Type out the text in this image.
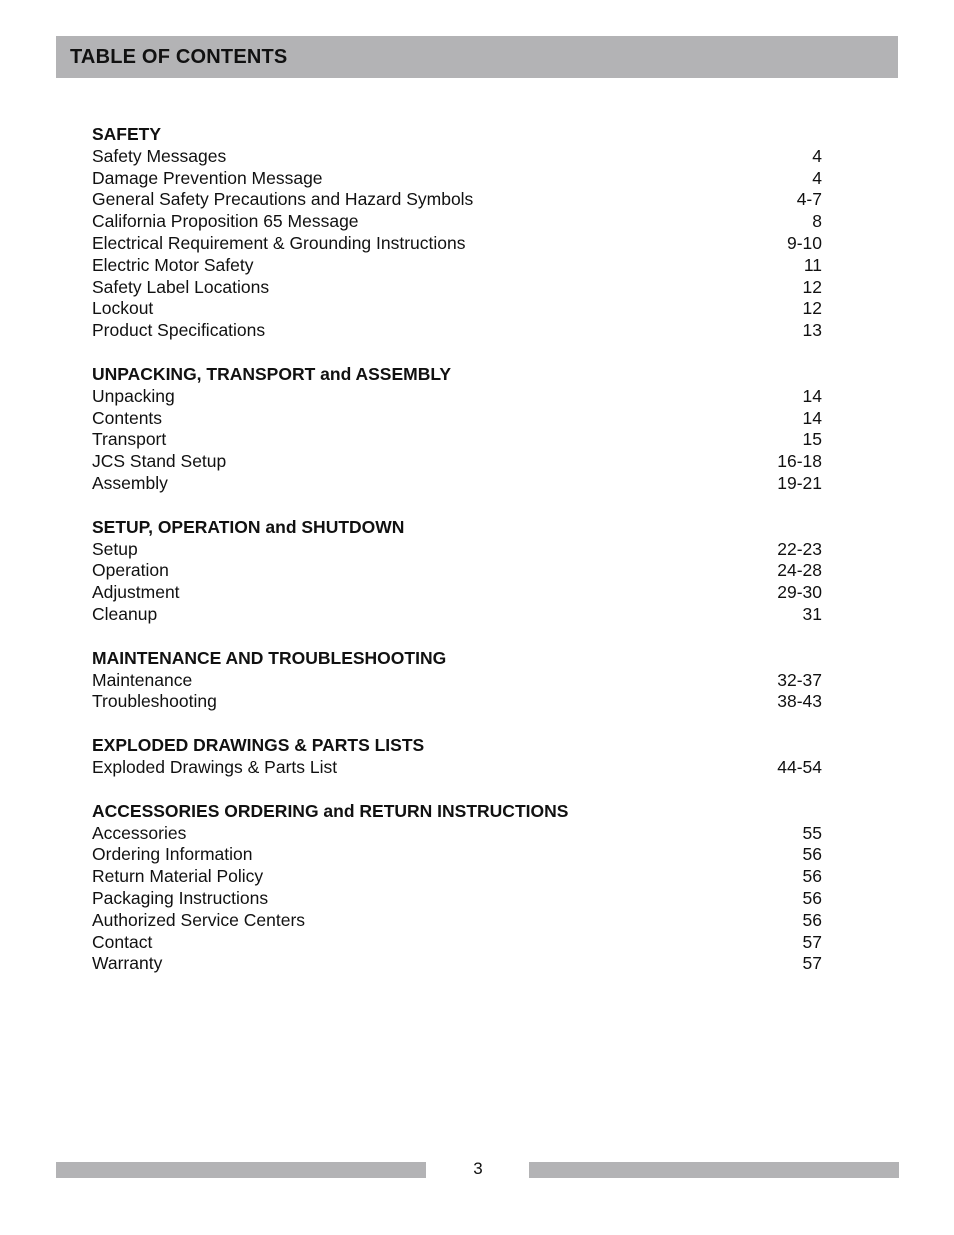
TABLE OF CONTENTS
SAFETY
Safety Messages	4
Damage Prevention Message	4
General Safety Precautions and Hazard Symbols	4-7
California Proposition 65 Message	8
Electrical Requirement & Grounding Instructions	9-10
Electric Motor Safety	11
Safety Label Locations	12
Lockout	12
Product Specifications	13
UNPACKING, TRANSPORT and ASSEMBLY
Unpacking	14
Contents	14
Transport	15
JCS Stand Setup	16-18
Assembly	19-21
SETUP, OPERATION and SHUTDOWN
Setup	22-23
Operation	24-28
Adjustment	29-30
Cleanup	31
MAINTENANCE AND TROUBLESHOOTING
Maintenance	32-37
Troubleshooting	38-43
EXPLODED DRAWINGS & PARTS LISTS
Exploded Drawings & Parts List	44-54
ACCESSORIES ORDERING and RETURN INSTRUCTIONS
Accessories	55
Ordering Information	56
Return Material Policy	56
Packaging Instructions	56
Authorized Service Centers	56
Contact	57
Warranty	57
3
